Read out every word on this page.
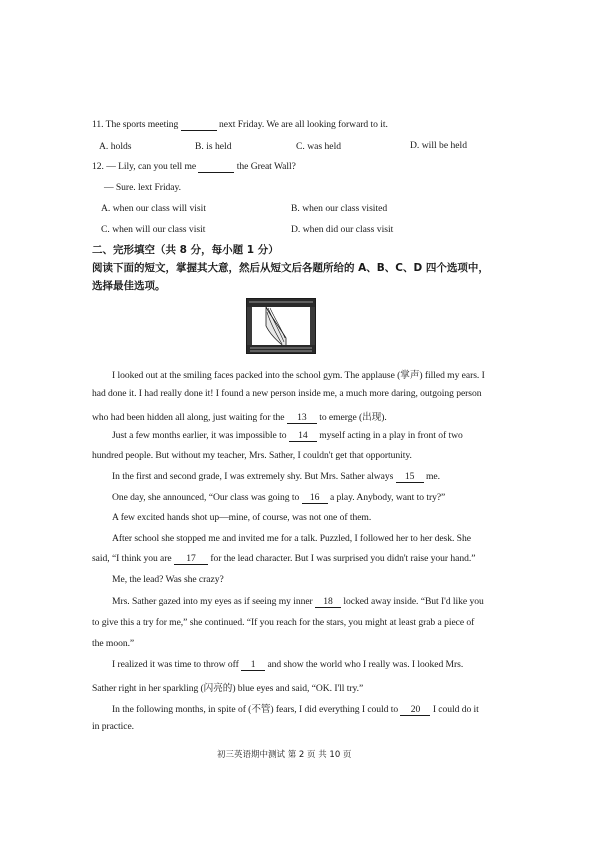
11. The sports meeting	next Friday. We are all looking forward to it.
A. holds	B. is held	C. was held	D. will be held
12. — Lily, can you tell me	the Great Wall?
— Sure. lext Friday.
A. when our class will visit	B. when our class visited
C. when will our class visit	D. when did our class visit
二、完形填空（共 8 分，每小题 1 分）
阅读下面的短文，掌握其大意，然后从短文后各题所给的 A、B、C、D 四个选项中，
选择最佳选项。
I looked out at the smiling faces packed into the school gym. The applause (掌声) filled my ears. I
had done it. I had really done it! I found a new person inside me, a much more daring, outgoing person
who had been hidden all along, just waiting for the 13 to emerge (出现).
Just a few months earlier, it was impossible to 14 myself acting in a play in front of two
hundred people. But without my teacher, Mrs. Sather, I couldn't get that opportunity.
In the first and second grade, I was extremely shy. But Mrs. Sather always 15 me.
One day, she announced, “Our class was going to 16 a play. Anybody, want to try?”
A few excited hands shot up—mine, of course, was not one of them.
After school she stopped me and invited me for a talk. Puzzled, I followed her to her desk. She
said, “I think you are 17 for the lead character. But I was surprised you didn't raise your hand.”
Me, the lead? Was she crazy?
Mrs. Sather gazed into my eyes as if seeing my inner 18 locked away inside. “But I'd like you
to give this a try for me,” she continued. “If you reach for the stars, you might at least grab a piece of
the moon.”
I realized it was time to throw off 1 and show the world who I really was. I looked Mrs.
Sather right in her sparkling (闪亮的) blue eyes and said, “OK. I'll try.”
In the following months, in spite of (不管) fears, I did everything I could to 20 I could do it
in practice.
初三英语期中测试 第 2 页 共 10 页
